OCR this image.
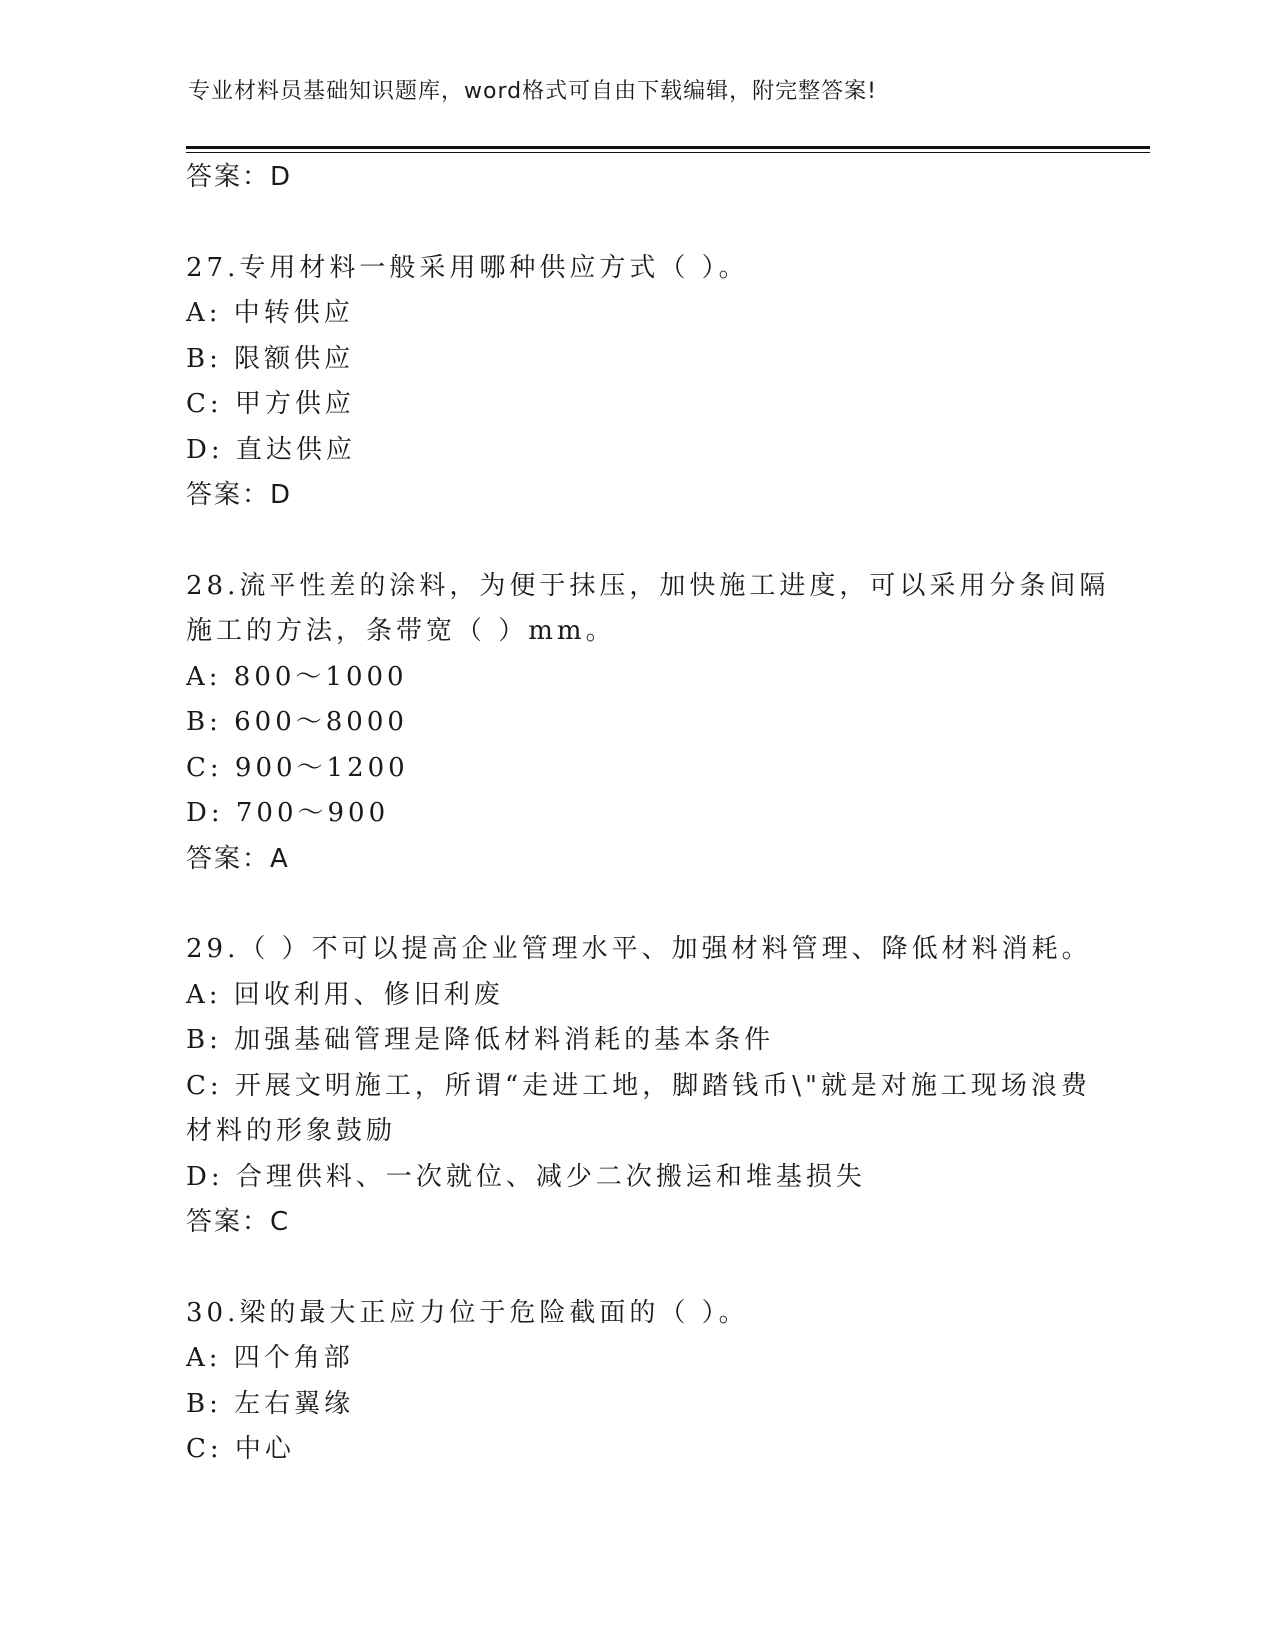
专业材料员基础知识题库，word格式可自由下载编辑，附完整答案!
答案：D
27.专用材料一般采用哪种供应方式（ ）。
A: 中转供应
B: 限额供应
C: 甲方供应
D: 直达供应
答案：D
28.流平性差的涂料，为便于抹压，加快施工进度，可以采用分条间隔
施工的方法，条带宽（ ）mm。
A: 800～1000
B: 600～8000
C: 900～1200
D: 700～900
答案：A
29.（ ）不可以提高企业管理水平、加强材料管理、降低材料消耗。
A: 回收利用、修旧利废
B: 加强基础管理是降低材料消耗的基本条件
C: 开展文明施工，所谓“走进工地，脚踏钱币\"就是对施工现场浪费
材料的形象鼓励
D: 合理供料、一次就位、减少二次搬运和堆基损失
答案：C
30.梁的最大正应力位于危险截面的（ ）。
A: 四个角部
B: 左右翼缘
C: 中心
